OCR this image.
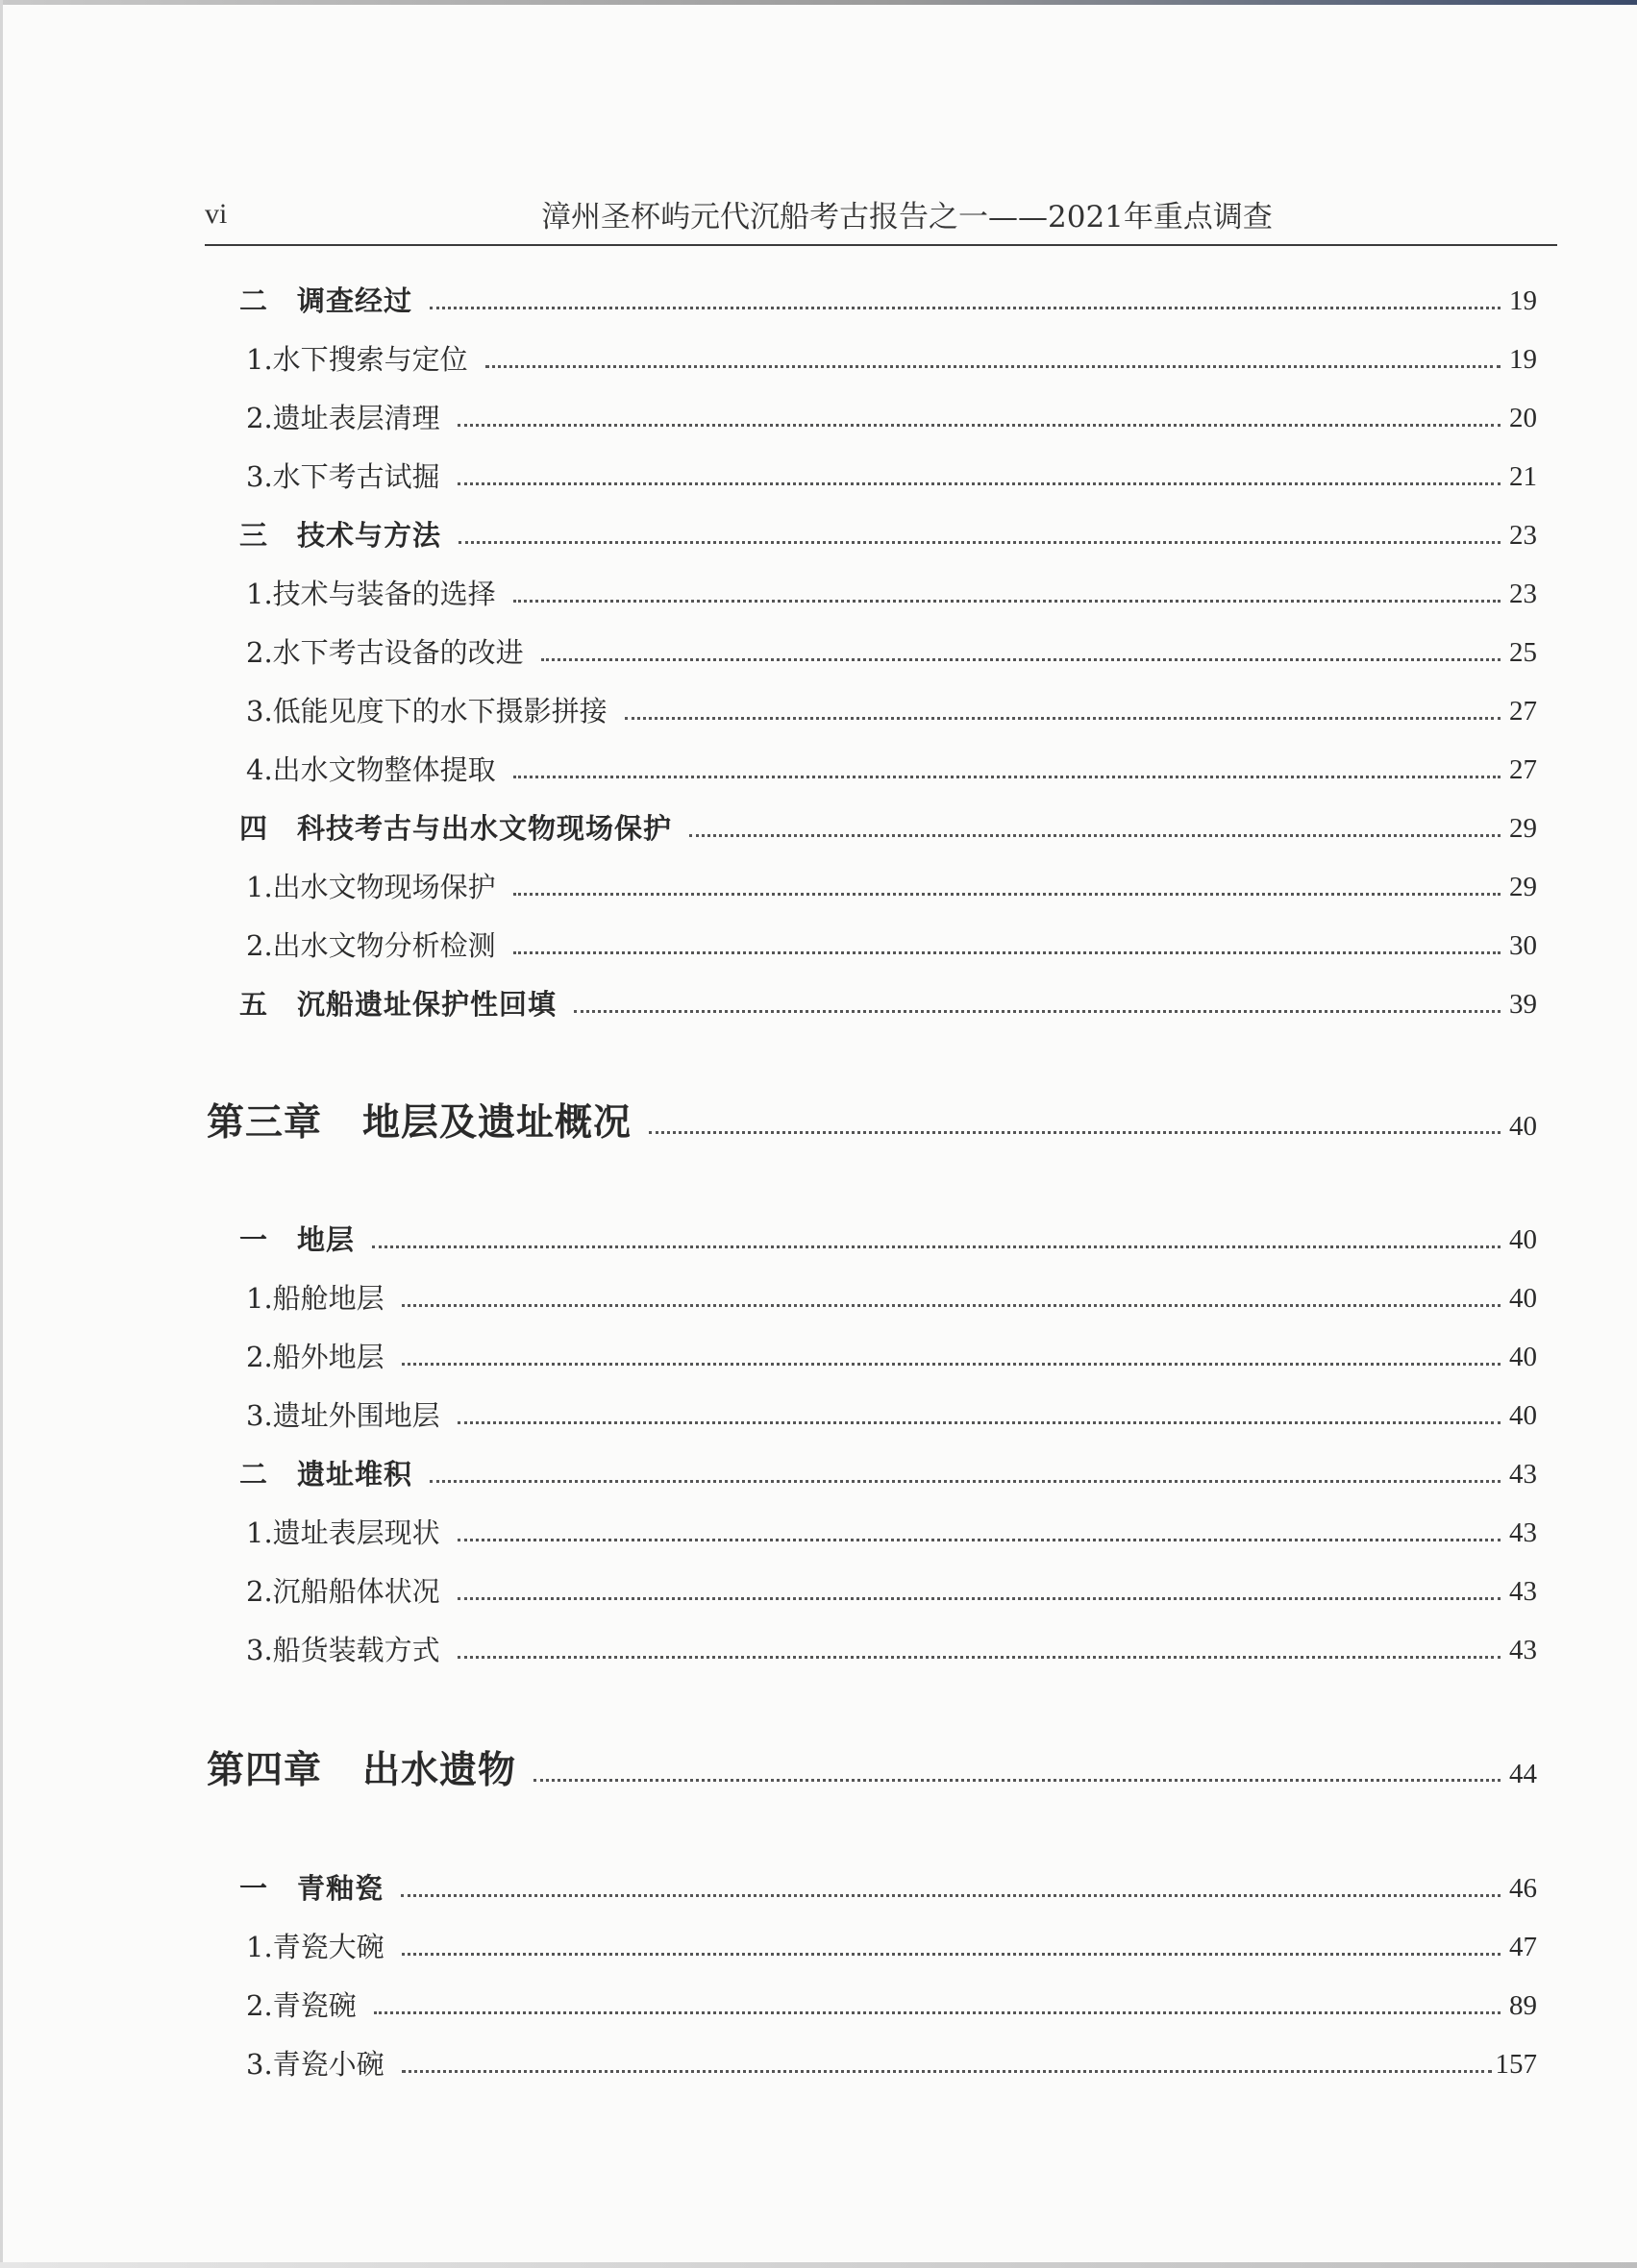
vi	漳州圣杯屿元代沉船考古报告之一——2021年重点调查
二 调查经过	19
1.水下搜索与定位	19
2.遗址表层清理	20
3.水下考古试掘	21
三 技术与方法	23
1.技术与装备的选择	23
2.水下考古设备的改进	25
3.低能见度下的水下摄影拼接	27
4.出水文物整体提取	27
四 科技考古与出水文物现场保护	29
1.出水文物现场保护	29
2.出水文物分析检测	30
五 沉船遗址保护性回填	39
第三章 地层及遗址概况	40
一 地层	40
1.船舱地层	40
2.船外地层	40
3.遗址外围地层	40
二 遗址堆积	43
1.遗址表层现状	43
2.沉船船体状况	43
3.船货装载方式	43
第四章 出水遗物	44
一 青釉瓷	46
1.青瓷大碗	47
2.青瓷碗	89
3.青瓷小碗	157
